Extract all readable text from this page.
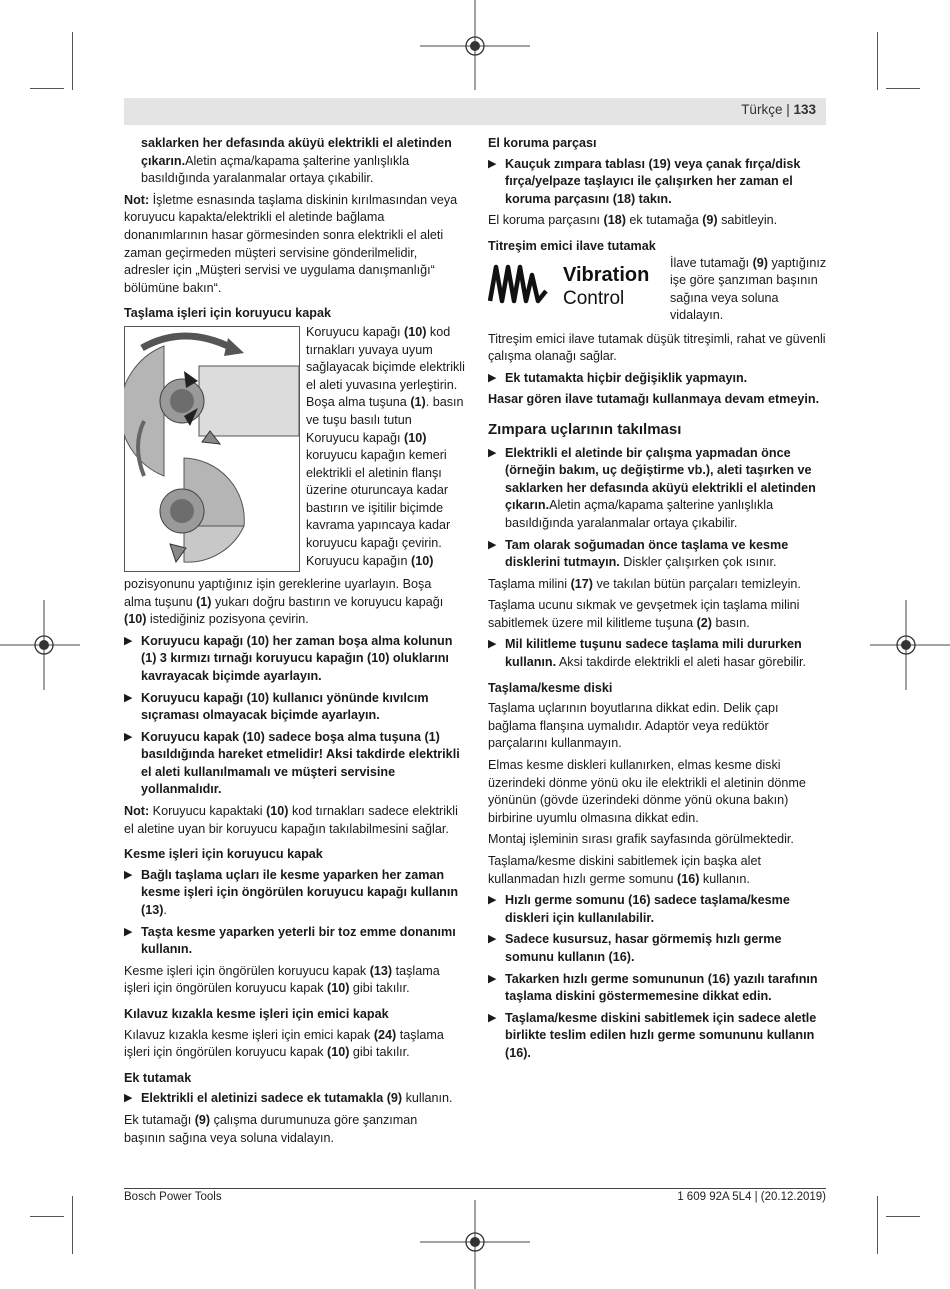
Türkçe | 133

saklarken her defasında aküyü elektrikli el aletinden çıkarın.Aletin açma/kapama şalterine yanlışlıkla basıldığında yaralanmalar ortaya çıkabilir.

Not: İşletme esnasında taşlama diskinin kırılmasından veya koruyucu kapakta/elektrikli el aletinde bağlama donanımlarının hasar görmesinden sonra elektrikli el aleti zaman geçirmeden müşteri servisine gönderilmelidir, adresler için „Müşteri servisi ve uygulama danışmanlığı“ bölümüne bakın“.

Taşlama işleri için koruyucu kapak

Koruyucu kapağı (10) kod tırnakları yuvaya uyum sağlayacak biçimde elektrikli el aleti yuvasına yerleştirin. Boşa alma tuşuna (1). basın ve tuşu basılı tutun
Koruyucu kapağı (10) koruyucu kapağın kemeri elektrikli el aletinin flanşı üzerine oturuncaya kadar bastırın ve işitilir biçimde kavrama yapıncaya kadar koruyucu kapağı çevirin.
Koruyucu kapağın (10)

pozisyonunu yaptığınız işin gereklerine uyarlayın. Boşa alma tuşunu (1) yukarı doğru bastırın ve koruyucu kapağı (10) istediğiniz pozisyona çevirin.

▶ Koruyucu kapağı (10) her zaman boşa alma kolunun (1) 3 kırmızı tırnağı koruyucu kapağın (10) oluklarını kavrayacak biçimde ayarlayın.
▶ Koruyucu kapağı (10) kullanıcı yönünde kıvılcım sıçraması olmayacak biçimde ayarlayın.
▶ Koruyucu kapak (10) sadece boşa alma tuşuna (1) basıldığında hareket etmelidir! Aksi takdirde elektrikli el aleti kullanılmamalı ve müşteri servisine yollanmalıdır.

Not: Koruyucu kapaktaki (10) kod tırnakları sadece elektrikli el aletine uyan bir koruyucu kapağın takılabilmesini sağlar.

Kesme işleri için koruyucu kapak

▶ Bağlı taşlama uçları ile kesme yaparken her zaman kesme işleri için öngörülen koruyucu kapağı kullanın (13).
▶ Taşta kesme yaparken yeterli bir toz emme donanımı kullanın.

Kesme işleri için öngörülen koruyucu kapak (13) taşlama işleri için öngörülen koruyucu kapak (10) gibi takılır.

Kılavuz kızakla kesme işleri için emici kapak

Kılavuz kızakla kesme işleri için emici kapak (24) taşlama işleri için öngörülen koruyucu kapak (10) gibi takılır.

Ek tutamak

▶ Elektrikli el aletinizi sadece ek tutamakla (9) kullanın.

Ek tutamağı (9) çalışma durumunuza göre şanzıman başının sağına veya soluna vidalayın.

El koruma parçası

▶ Kauçuk zımpara tablası (19) veya çanak fırça/disk fırça/yelpaze taşlayıcı ile çalışırken her zaman el koruma parçasını (18) takın.

El koruma parçasını (18) ek tutamağa (9) sabitleyin.

Titreşim emici ilave tutamak

Vibration
Control
İlave tutamağı (9) yaptığınız işe göre şanzıman başının sağına veya soluna vidalayın.

Titreşim emici ilave tutamak düşük titreşimli, rahat ve güvenli çalışma olanağı sağlar.

▶ Ek tutamakta hiçbir değişiklik yapmayın.

Hasar gören ilave tutamağı kullanmaya devam etmeyin.

Zımpara uçlarının takılması

▶ Elektrikli el aletinde bir çalışma yapmadan önce (örneğin bakım, uç değiştirme vb.), aleti taşırken ve saklarken her defasında aküyü elektrikli el aletinden çıkarın.Aletin açma/kapama şalterine yanlışlıkla basıldığında yaralanmalar ortaya çıkabilir.
▶ Tam olarak soğumadan önce taşlama ve kesme disklerini tutmayın. Diskler çalışırken çok ısınır.

Taşlama milini (17) ve takılan bütün parçaları temizleyin.

Taşlama ucunu sıkmak ve gevşetmek için taşlama milini sabitlemek üzere mil kilitleme tuşuna (2) basın.

▶ Mil kilitleme tuşunu sadece taşlama mili dururken kullanın. Aksi takdirde elektrikli el aleti hasar görebilir.

Taşlama/kesme diski

Taşlama uçlarının boyutlarına dikkat edin. Delik çapı bağlama flanşına uymalıdır. Adaptör veya redüktör parçalarını kullanmayın.

Elmas kesme diskleri kullanırken, elmas kesme diski üzerindeki dönme yönü oku ile elektrikli el aletinin dönme yönünün (gövde üzerindeki dönme yönü okuna bakın) birbirine uyumlu olmasına dikkat edin.

Montaj işleminin sırası grafik sayfasında görülmektedir.

Taşlama/kesme diskini sabitlemek için başka alet kullanmadan hızlı germe somunu (16) kullanın.

▶ Hızlı germe somunu (16) sadece taşlama/kesme diskleri için kullanılabilir.
▶ Sadece kusursuz, hasar görmemiş hızlı germe somunu kullanın (16).
▶ Takarken hızlı germe somununun (16) yazılı tarafının taşlama diskini göstermemesine dikkat edin.
▶ Taşlama/kesme diskini sabitlemek için sadece aletle birlikte teslim edilen hızlı germe somununu kullanın (16).
Bosch Power Tools	1 609 92A 5L4 | (20.12.2019)
